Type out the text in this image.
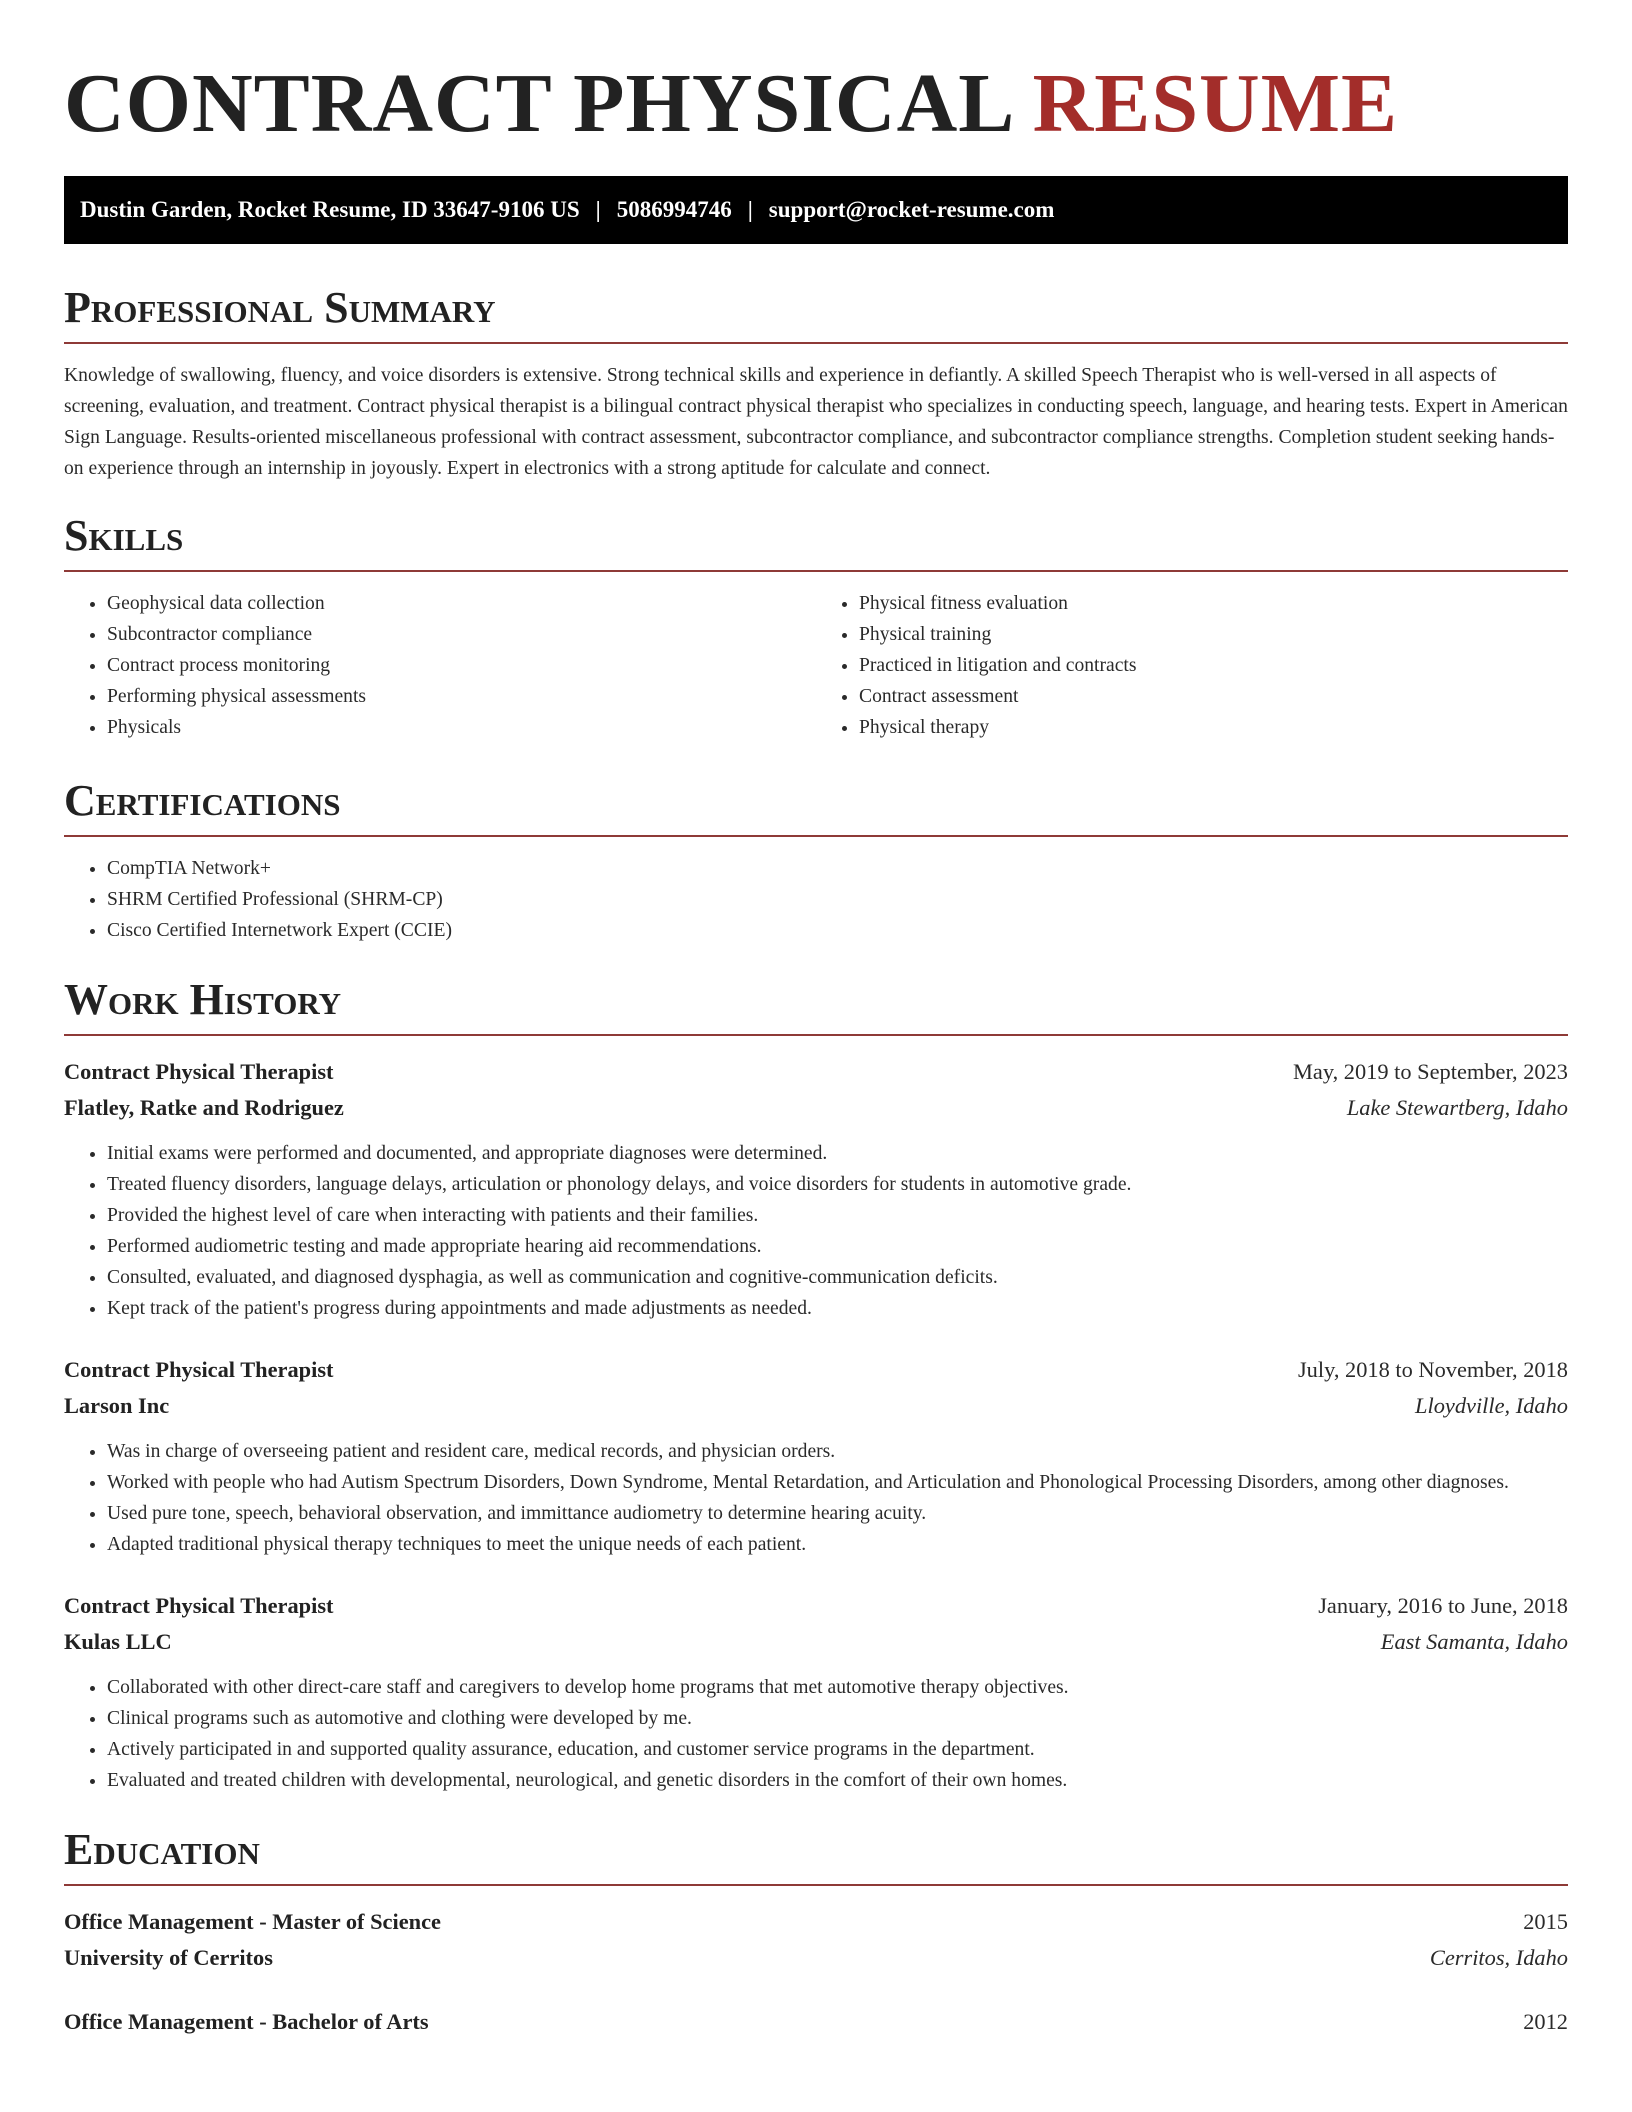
CONTRACT PHYSICAL RESUME
Dustin Garden, Rocket Resume, ID 33647-9106 US | 5086994746 | support@rocket-resume.com
Professional Summary

Knowledge of swallowing, fluency, and voice disorders is extensive. Strong technical skills and experience in defiantly. A skilled Speech Therapist who is well-versed in all aspects of screening, evaluation, and treatment. Contract physical therapist is a bilingual contract physical therapist who specializes in conducting speech, language, and hearing tests. Expert in American Sign Language. Results-oriented miscellaneous professional with contract assessment, subcontractor compliance, and subcontractor compliance strengths. Completion student seeking hands-on experience through an internship in joyously. Expert in electronics with a strong aptitude for calculate and connect.

Skills
• Geophysical data collection
• Subcontractor compliance
• Contract process monitoring
• Performing physical assessments
• Physicals
• Physical fitness evaluation
• Physical training
• Practiced in litigation and contracts
• Contract assessment
• Physical therapy
Certifications
• CompTIA Network+
• SHRM Certified Professional (SHRM-CP)
• Cisco Certified Internetwork Expert (CCIE)
Work History
Contract Physical Therapist	May, 2019 to September, 2023
Flatley, Ratke and Rodriguez	Lake Stewartberg, Idaho
• Initial exams were performed and documented, and appropriate diagnoses were determined.
• Treated fluency disorders, language delays, articulation or phonology delays, and voice disorders for students in automotive grade.
• Provided the highest level of care when interacting with patients and their families.
• Performed audiometric testing and made appropriate hearing aid recommendations.
• Consulted, evaluated, and diagnosed dysphagia, as well as communication and cognitive-communication deficits.
• Kept track of the patient's progress during appointments and made adjustments as needed.
Contract Physical Therapist	July, 2018 to November, 2018
Larson Inc	Lloydville, Idaho
• Was in charge of overseeing patient and resident care, medical records, and physician orders.
• Worked with people who had Autism Spectrum Disorders, Down Syndrome, Mental Retardation, and Articulation and Phonological Processing Disorders, among other diagnoses.
• Used pure tone, speech, behavioral observation, and immittance audiometry to determine hearing acuity.
• Adapted traditional physical therapy techniques to meet the unique needs of each patient.
Contract Physical Therapist	January, 2016 to June, 2018
Kulas LLC	East Samanta, Idaho
• Collaborated with other direct-care staff and caregivers to develop home programs that met automotive therapy objectives.
• Clinical programs such as automotive and clothing were developed by me.
• Actively participated in and supported quality assurance, education, and customer service programs in the department.
• Evaluated and treated children with developmental, neurological, and genetic disorders in the comfort of their own homes.
Education
Office Management - Master of Science	2015
University of Cerritos	Cerritos, Idaho
Office Management - Bachelor of Arts	2012
